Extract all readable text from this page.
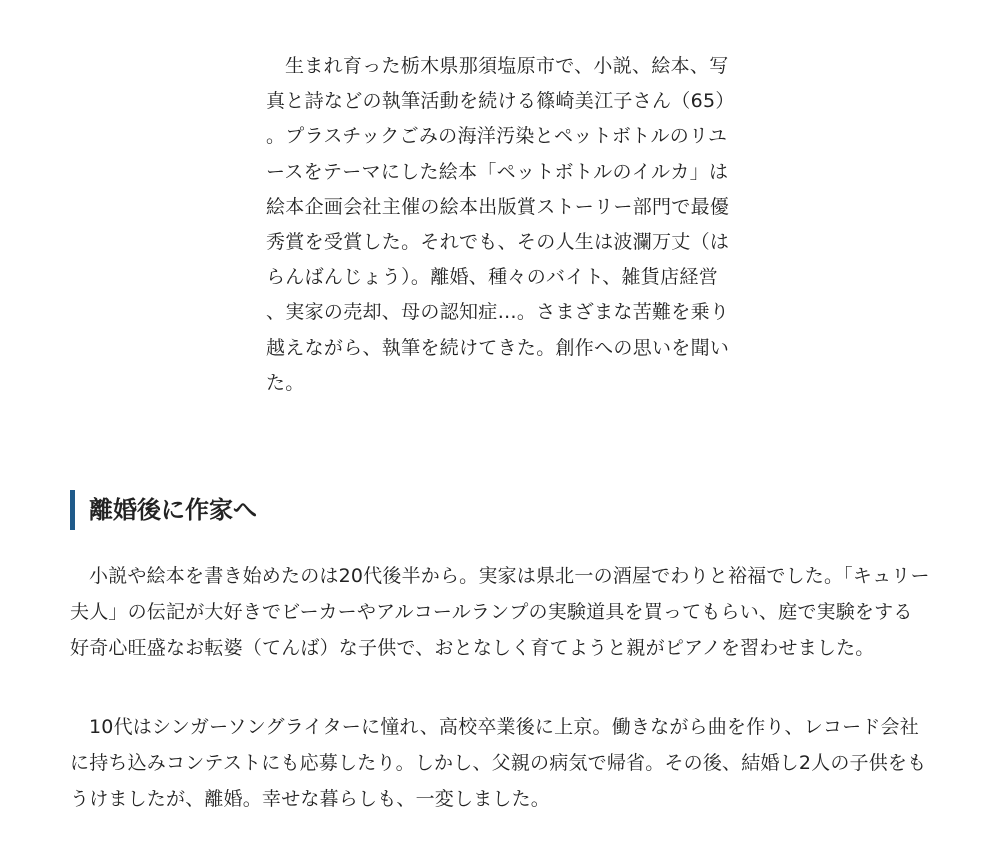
生まれ育った栃木県那須塩原市で、小説、絵本、写真と詩などの執筆活動を続ける篠崎美江子さん（65）。プラスチックごみの海洋汚染とペットボトルのリユースをテーマにした絵本「ペットボトルのイルカ」は絵本企画会社主催の絵本出版賞ストーリー部門で最優秀賞を受賞した。それでも、その人生は波瀾万丈（はらんばんじょう）。離婚、種々のバイト、雑貨店経営、実家の売却、母の認知症…。さまざまな苦難を乗り越えながら、執筆を続けてきた。創作への思いを聞いた。

離婚後に作家へ

小説や絵本を書き始めたのは20代後半から。実家は県北一の酒屋でわりと裕福でした。「キュリー夫人」の伝記が大好きでビーカーやアルコールランプの実験道具を買ってもらい、庭で実験をする好奇心旺盛なお転婆（てんば）な子供で、おとなしく育てようと親がピアノを習わせました。

10代はシンガーソングライターに憧れ、高校卒業後に上京。働きながら曲を作り、レコード会社に持ち込みコンテストにも応募したり。しかし、父親の病気で帰省。その後、結婚し2人の子供をもうけましたが、離婚。幸せな暮らしも、一変しました。
